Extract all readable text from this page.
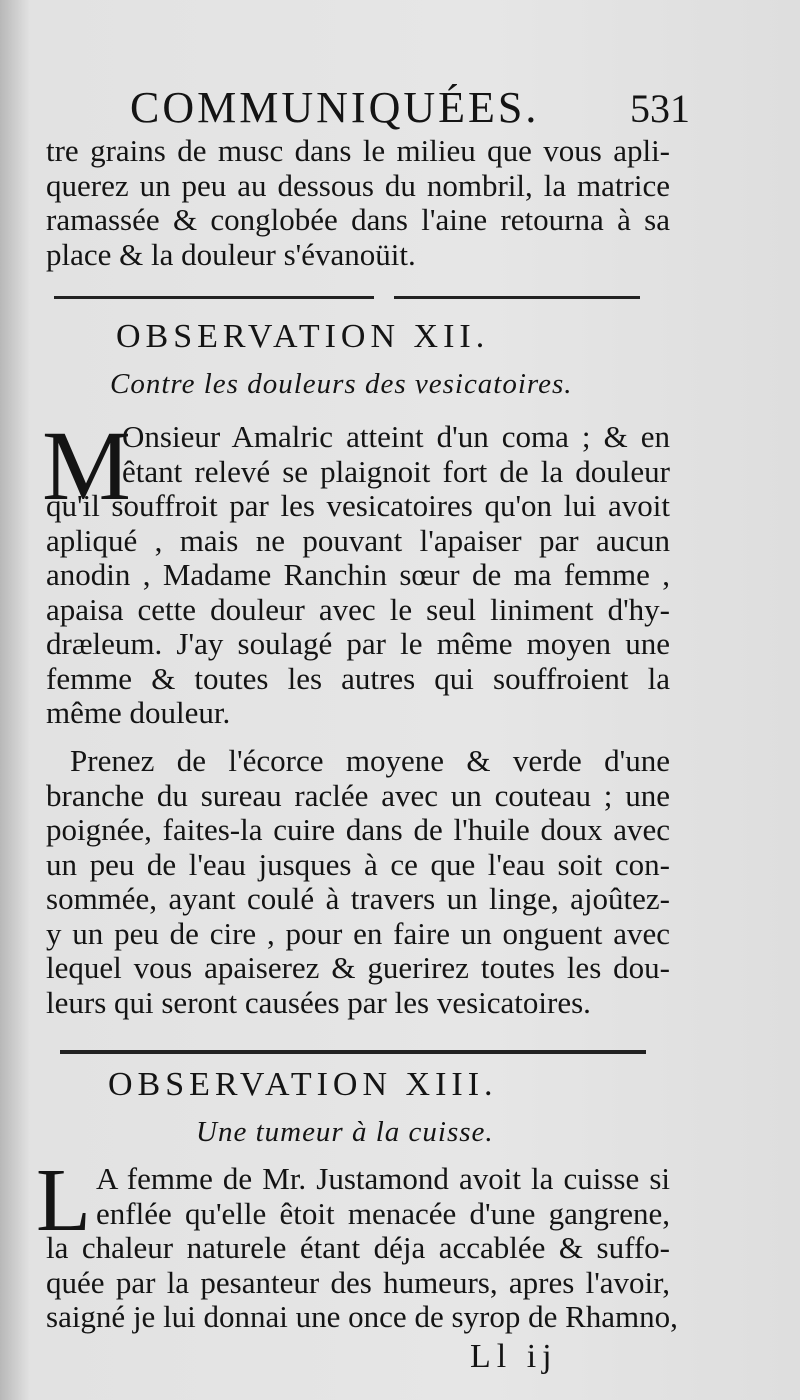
COMMUNIQUÉES. 531
tre grains de musc dans le milieu que vous apli-
querez un peu au dessous du nombril, la matrice
ramassée & conglobée dans l'aine retourna à sa
place & la douleur s'évanoüit.
OBSERVATION XII.
Contre les douleurs des vesicatoires.
M
Onsieur Amalric atteint d'un coma ; & en
êtant relevé se plaignoit fort de la douleur
qu'il souffroit par les vesicatoires qu'on lui avoit
apliqué , mais ne pouvant l'apaiser par aucun
anodin , Madame Ranchin sœur de ma femme ,
apaisa cette douleur avec le seul liniment d'hy-
dræleum. J'ay soulagé par le même moyen une
femme & toutes les autres qui souffroient la
même douleur.
Prenez de l'écorce moyene & verde d'une
branche du sureau raclée avec un couteau ; une
poignée, faites-la cuire dans de l'huile doux avec
un peu de l'eau jusques à ce que l'eau soit con-
sommée, ayant coulé à travers un linge, ajoûtez-
y un peu de cire , pour en faire un onguent avec
lequel vous apaiserez & guerirez toutes les dou-
leurs qui seront causées par les vesicatoires.
OBSERVATION XIII.
Une tumeur à la cuisse.
L A femme de Mr. Justamond avoit la cuisse si
enflée qu'elle êtoit menacée d'une gangrene,
la chaleur naturele étant déja accablée & suffo-
quée par la pesanteur des humeurs, apres l'avoir,
saigné je lui donnai une once de syrop de Rhamno,
Ll ij
